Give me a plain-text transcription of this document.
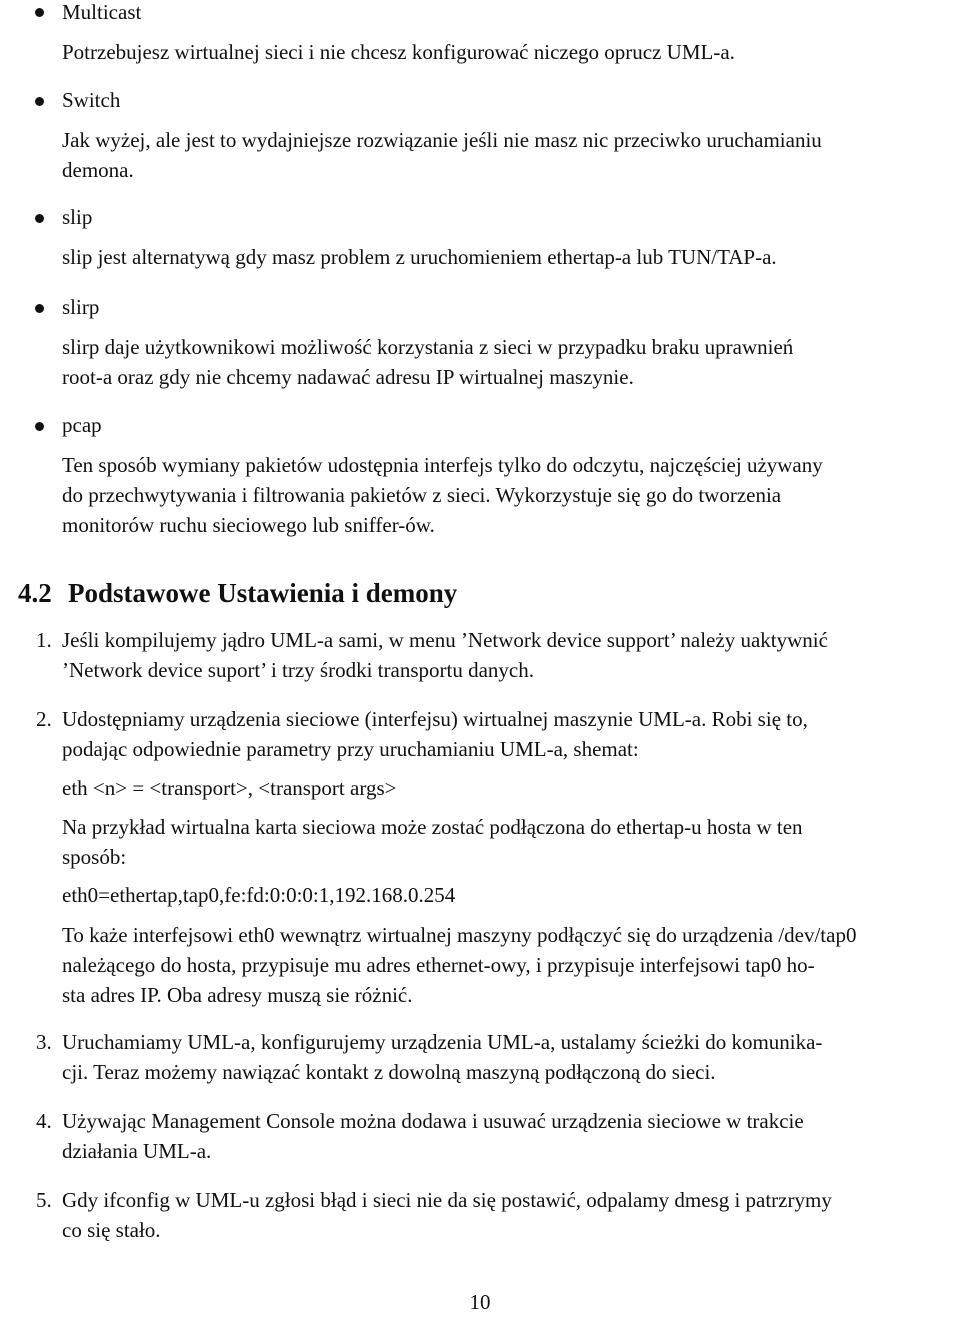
Multicast
Potrzebujesz wirtualnej sieci i nie chcesz konfigurować niczego oprucz UML-a.
Switch
Jak wyżej, ale jest to wydajniejsze rozwiązanie jeśli nie masz nic przeciwko uruchamianiu
demona.
slip
slip jest alternatywą gdy masz problem z uruchomieniem ethertap-a lub TUN/TAP-a.
slirp
slirp daje użytkownikowi możliwość korzystania z sieci w przypadku braku uprawnień
root-a oraz gdy nie chcemy nadawać adresu IP wirtualnej maszynie.
pcap
Ten sposób wymiany pakietów udostępnia interfejs tylko do odczytu, najczęściej używany
do przechwytywania i filtrowania pakietów z sieci. Wykorzystuje się go do tworzenia
monitorów ruchu sieciowego lub sniffer-ów.
4.2 Podstawowe Ustawienia i demony
1. Jeśli kompilujemy jądro UML-a sami, w menu ’Network device support’ należy uaktywnić
’Network device suport’ i trzy środki transportu danych.
2. Udostępniamy urządzenia sieciowe (interfejsu) wirtualnej maszynie UML-a. Robi się to,
podając odpowiednie parametry przy uruchamianiu UML-a, shemat:
eth <n> = <transport>, <transport args>
Na przykład wirtualna karta sieciowa może zostać podłączona do ethertap-u hosta w ten
sposób:
eth0=ethertap,tap0,fe:fd:0:0:0:1,192.168.0.254
To każe interfejsowi eth0 wewnątrz wirtualnej maszyny podłączyć się do urządzenia /dev/tap0
należącego do hosta, przypisuje mu adres ethernet-owy, i przypisuje interfejsowi tap0 ho-
sta adres IP. Oba adresy muszą sie różnić.
3. Uruchamiamy UML-a, konfigurujemy urządzenia UML-a, ustalamy ścieżki do komunika-
cji. Teraz możemy nawiązać kontakt z dowolną maszyną podłączoną do sieci.
4. Używając Management Console można dodawa i usuwać urządzenia sieciowe w trakcie
działania UML-a.
5. Gdy ifconfig w UML-u zgłosi błąd i sieci nie da się postawić, odpalamy dmesg i patrzrymy
co się stało.
10
